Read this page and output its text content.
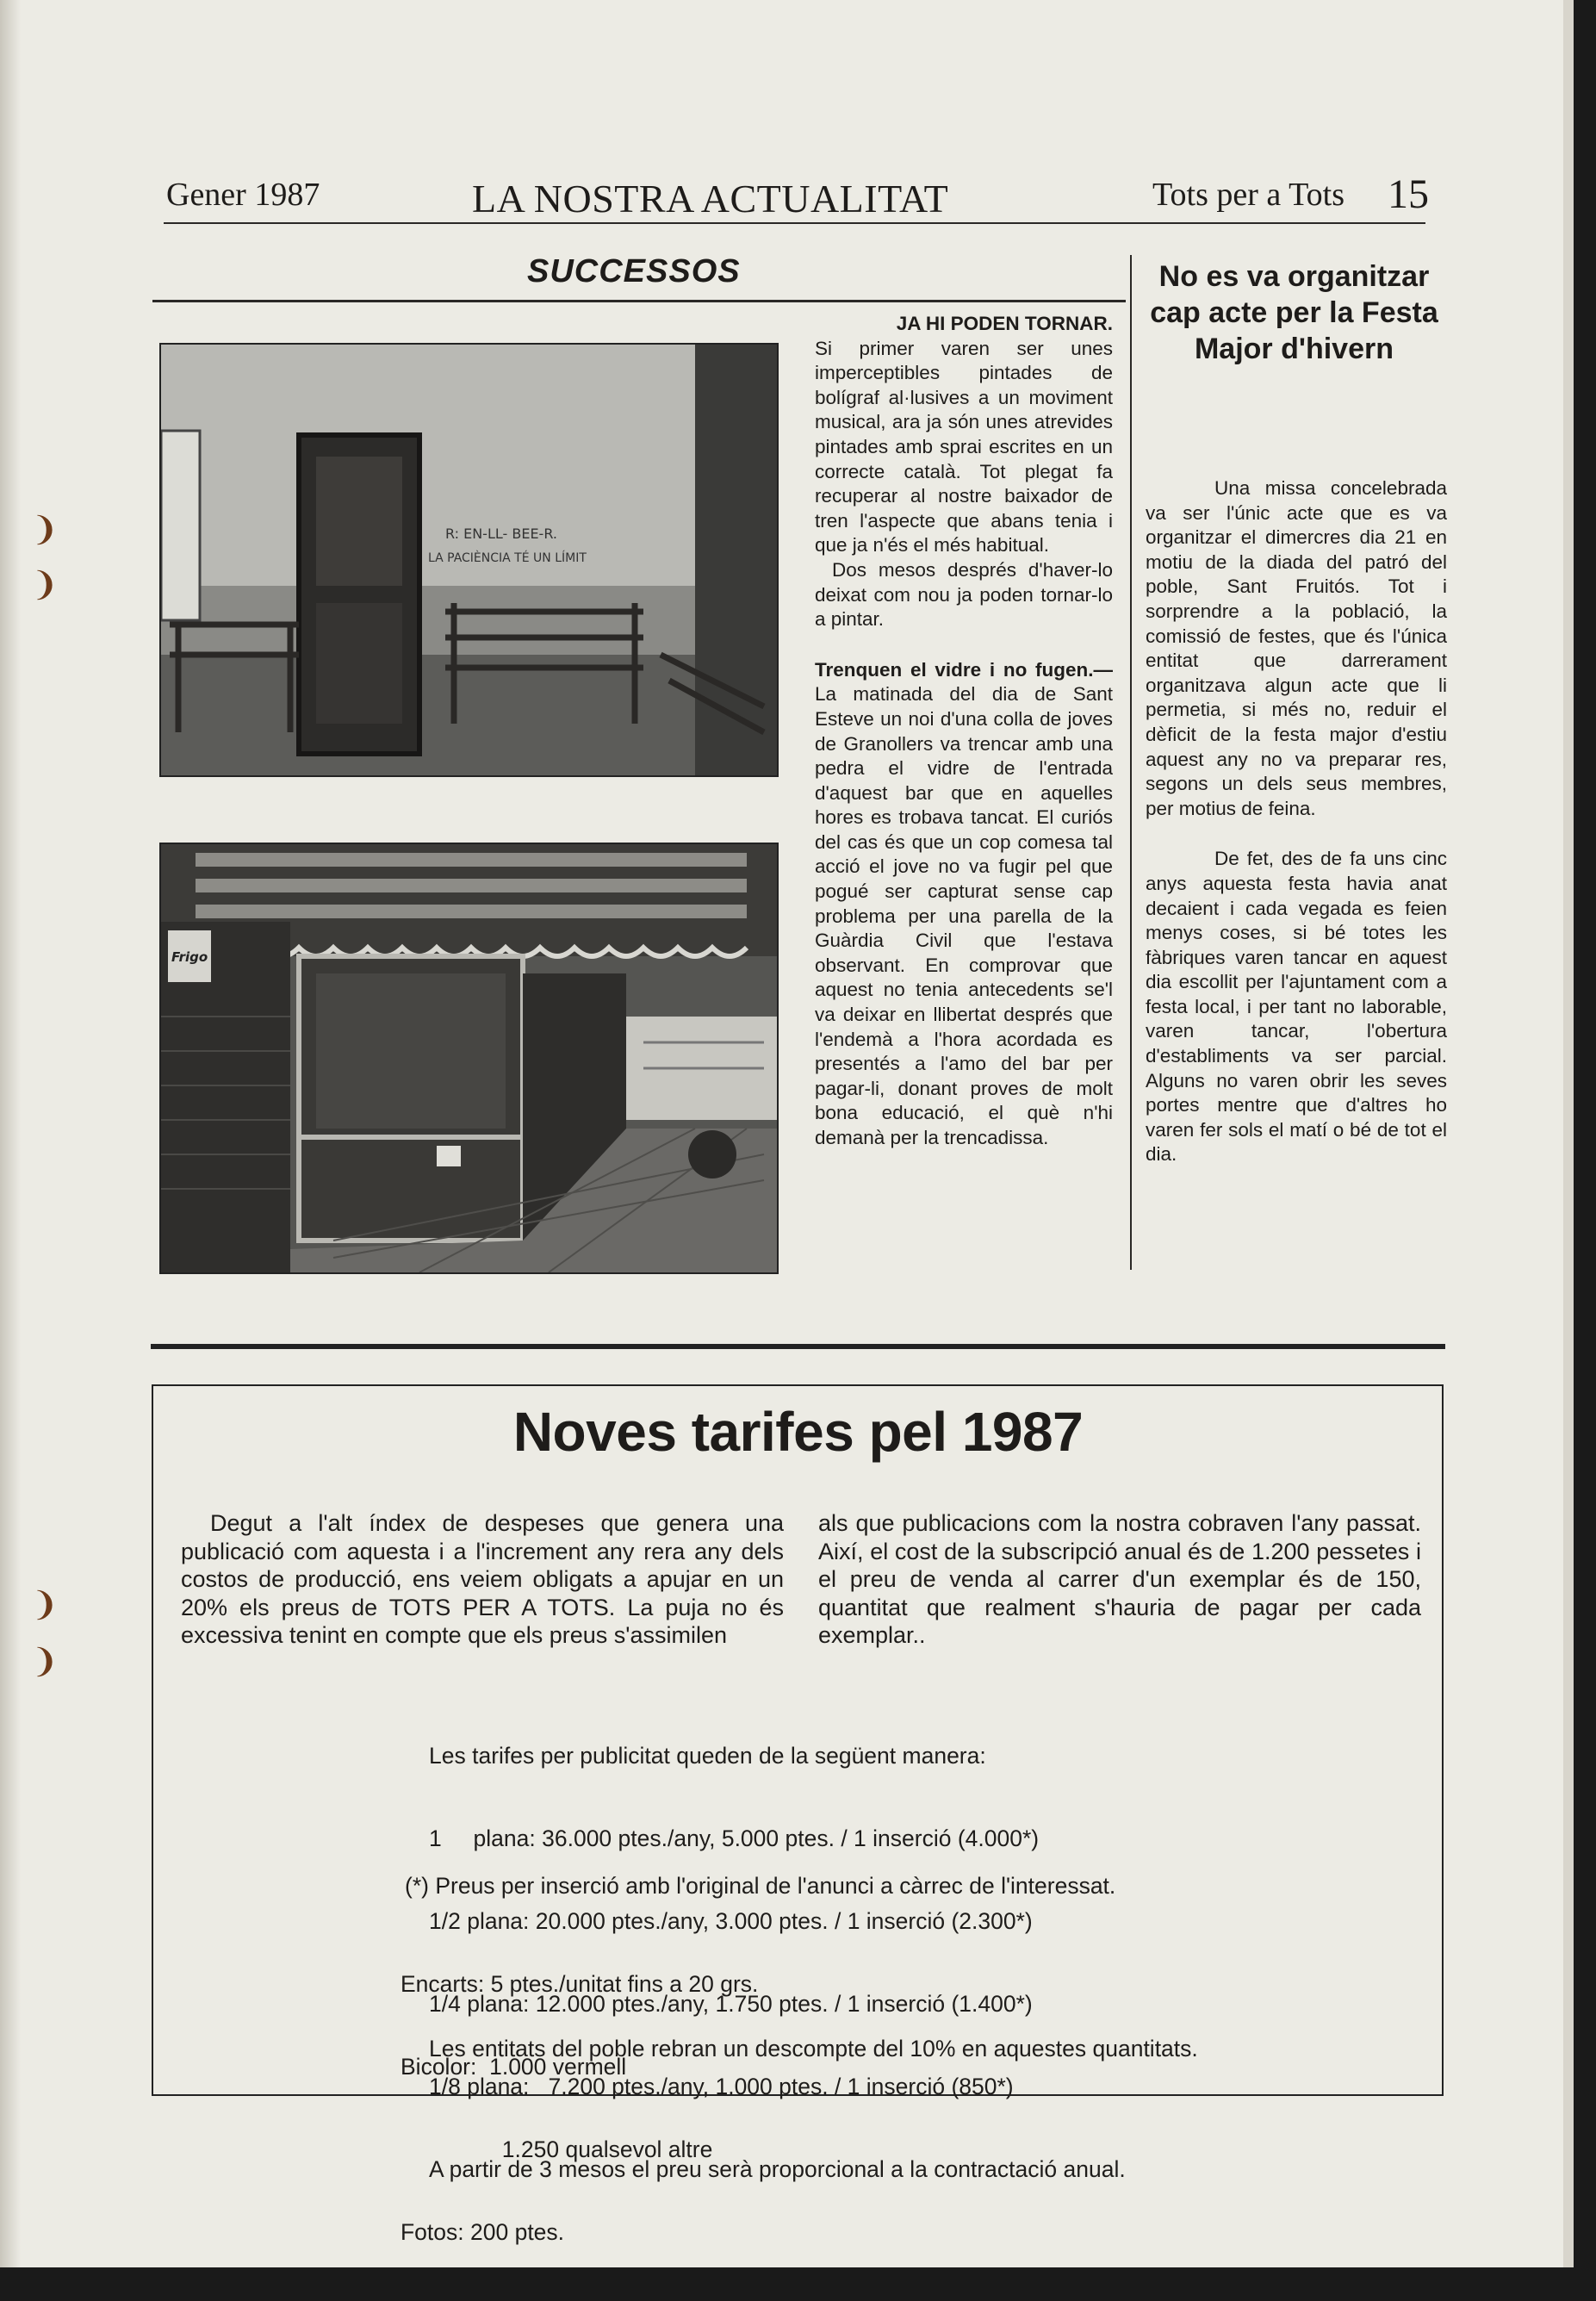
❩
❩
❩
❩
Gener 1987	LA NOSTRA ACTUALITAT	Tots per a Tots 15
SUCCESSOS
R: EN-LL- BEE-R.
LA PACIÈNCIA TÉ UN LÍMIT
Frigo

JA HI PODEN TORNAR.

Si primer varen ser unes imperceptibles pintades de bolígraf al·lusives a un moviment musical, ara ja són unes atrevides pintades amb sprai escrites en un correcte català. Tot plegat fa recuperar al nostre baixador de tren l'aspecte que abans tenia i que ja n'és el més habitual.

Dos mesos després d'haver-lo deixat com nou ja poden tornar-lo a pintar.

Trenquen el vidre i no fugen.— La matinada del dia de Sant Esteve un noi d'una colla de joves de Granollers va trencar amb una pedra el vidre de l'entrada d'aquest bar que en aquelles hores es trobava tancat. El curiós del cas és que un cop comesa tal acció el jove no va fugir pel que pogué ser capturat sense cap problema per una parella de la Guàrdia Civil que l'estava observant. En comprovar que aquest no tenia antecedents se'l va deixar en llibertat després que l'endemà a l'hora acordada es presentés a l'amo del bar per pagar-li, donant proves de molt bona educació, el què n'hi demanà per la trencadissa.

No es va organitzar cap acte per la Festa Major d'hivern

Una missa concelebrada va ser l'únic acte que es va organitzar el dimercres dia 21 en motiu de la diada del patró del poble, Sant Fruitós. Tot i sorprendre a la població, la comissió de festes, que és l'única entitat que darrerament organitzava algun acte que li permetia, si més no, reduir el dèficit de la festa major d'estiu aquest any no va preparar res, segons un dels seus membres, per motius de feina.

De fet, des de fa uns cinc anys aquesta festa havia anat decaient i cada vegada es feien menys coses, si bé totes les fàbriques varen tancar en aquest dia escollit per l'ajuntament com a festa local, i per tant no laborable, varen tancar, l'obertura d'establiments va ser parcial. Alguns no varen obrir les seves portes mentre que d'altres ho varen fer sols el matí o bé de tot el dia.

Noves tarifes pel 1987
Degut a l'alt índex de despeses que genera una publicació com aquesta i a l'increment any rera any dels costos de producció, ens veiem obligats a apujar en un 20% els preus de TOTS PER A TOTS. La puja no és excessiva tenint en compte que els preus s'assimilen
als que publicacions com la nostra cobraven l'any passat. Així, el cost de la subscripció anual és de 1.200 pessetes i el preu de venda al carrer d'un exemplar és de 150, quantitat que realment s'hauria de pagar per cada exemplar..

Les tarifes per publicitat queden de la següent manera:

1     plana: 36.000 ptes./any, 5.000 ptes. / 1 inserció (4.000*)

1/2 plana: 20.000 ptes./any, 3.000 ptes. / 1 inserció (2.300*)

1/4 plana: 12.000 ptes./any, 1.750 ptes. / 1 inserció (1.400*)

1/8 plana:   7.200 ptes./any, 1.000 ptes. / 1 inserció (850*)

A partir de 3 mesos el preu serà proporcional a la contractació anual.

(*) Preus per inserció amb l'original de l'anunci a càrrec de l'interessat.

Encarts: 5 ptes./unitat fins a 20 grs.

Bicolor:  1.000 vermell

1.250 qualsevol altre

Fotos: 200 ptes.

Les entitats del poble rebran un descompte del 10% en aquestes quantitats.
